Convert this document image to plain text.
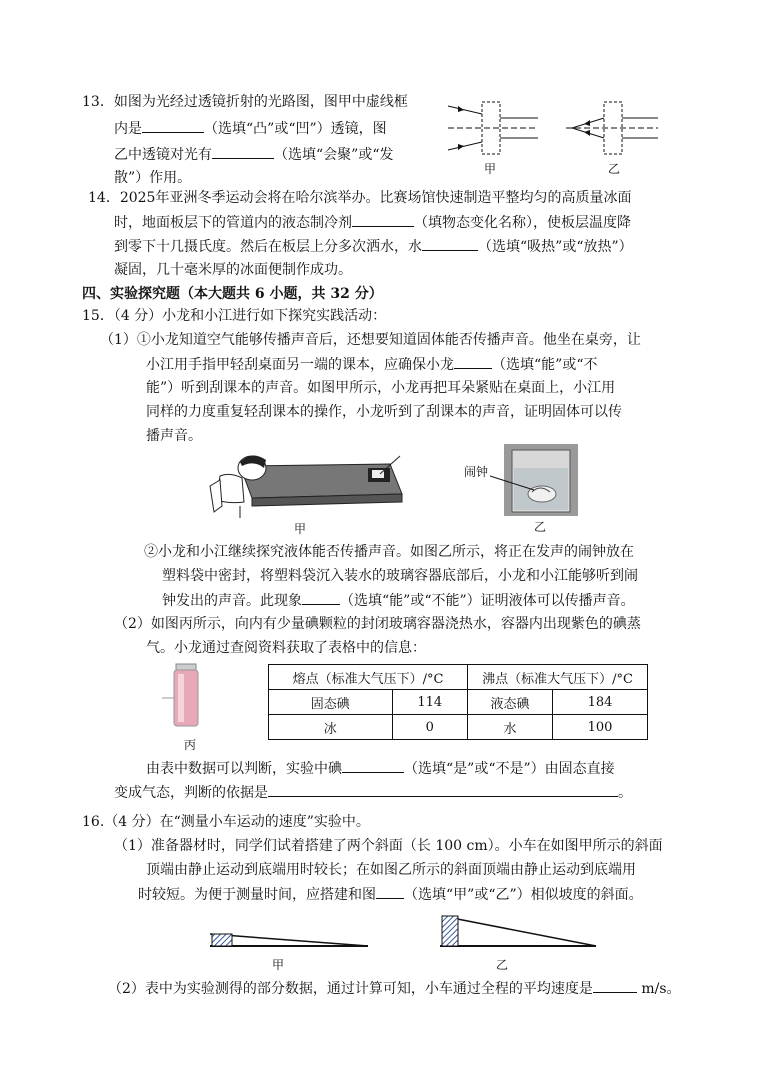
13．如图为光经过透镜折射的光路图，图甲中虚线框
内是	（选填“凸”或“凹”）透镜，图
乙中透镜对光有	（选填“会聚”或“发
散”）作用。
甲	乙
14．2025年亚洲冬季运动会将在哈尔滨举办。比赛场馆快速制造平整均匀的高质量冰面
时，地面板层下的管道内的液态制冷剂	（填物态变化名称），使板层温度降
到零下十几摄氏度。然后在板层上分多次洒水，水	（选填“吸热”或“放热”）
凝固，几十毫米厚的冰面便制作成功。
四、实验探究题（本大题共 6 小题，共 32 分）
15．（4 分）小龙和小江进行如下探究实践活动：
（1）①小龙知道空气能够传播声音后，还想要知道固体能否传播声音。他坐在桌旁，让
小江用手指甲轻刮桌面另一端的课本，应确保小龙	（选填“能”或“不
能”）听到刮课本的声音。如图甲所示，小龙再把耳朵紧贴在桌面上，小江用
同样的力度重复轻刮课本的操作，小龙听到了刮课本的声音，证明固体可以传
播声音。
甲
闹钟
乙
②小龙和小江继续探究液体能否传播声音。如图乙所示，将正在发声的闹钟放在
塑料袋中密封，将塑料袋沉入装水的玻璃容器底部后，小龙和小江能够听到闹
钟发出的声音。此现象	（选填“能”或“不能”）证明液体可以传播声音。
（2）如图丙所示，向内有少量碘颗粒的封闭玻璃容器浇热水，容器内出现紫色的碘蒸
气。小龙通过查阅资料获取了表格中的信息：
丙
熔点（标准大气压下）/°C		沸点（标准大气压下）/°C	
固态碘	114	液态碘	184
冰	0	水	100
由表中数据可以判断，实验中碘	（选填“是”或“不是”）由固态直接
变成气态，判断的依据是	。
16.（4 分）在“测量小车运动的速度”实验中。
（1）准备器材时，同学们试着搭建了两个斜面（长 100 cm）。小车在如图甲所示的斜面
顶端由静止运动到底端用时较长；在如图乙所示的斜面顶端由静止运动到底端用
时较短。为便于测量时间，应搭建和图 （选填“甲”或“乙”）相似坡度的斜面。
甲	乙
（2）表中为实验测得的部分数据，通过计算可知，小车通过全程的平均速度是	m/s。
